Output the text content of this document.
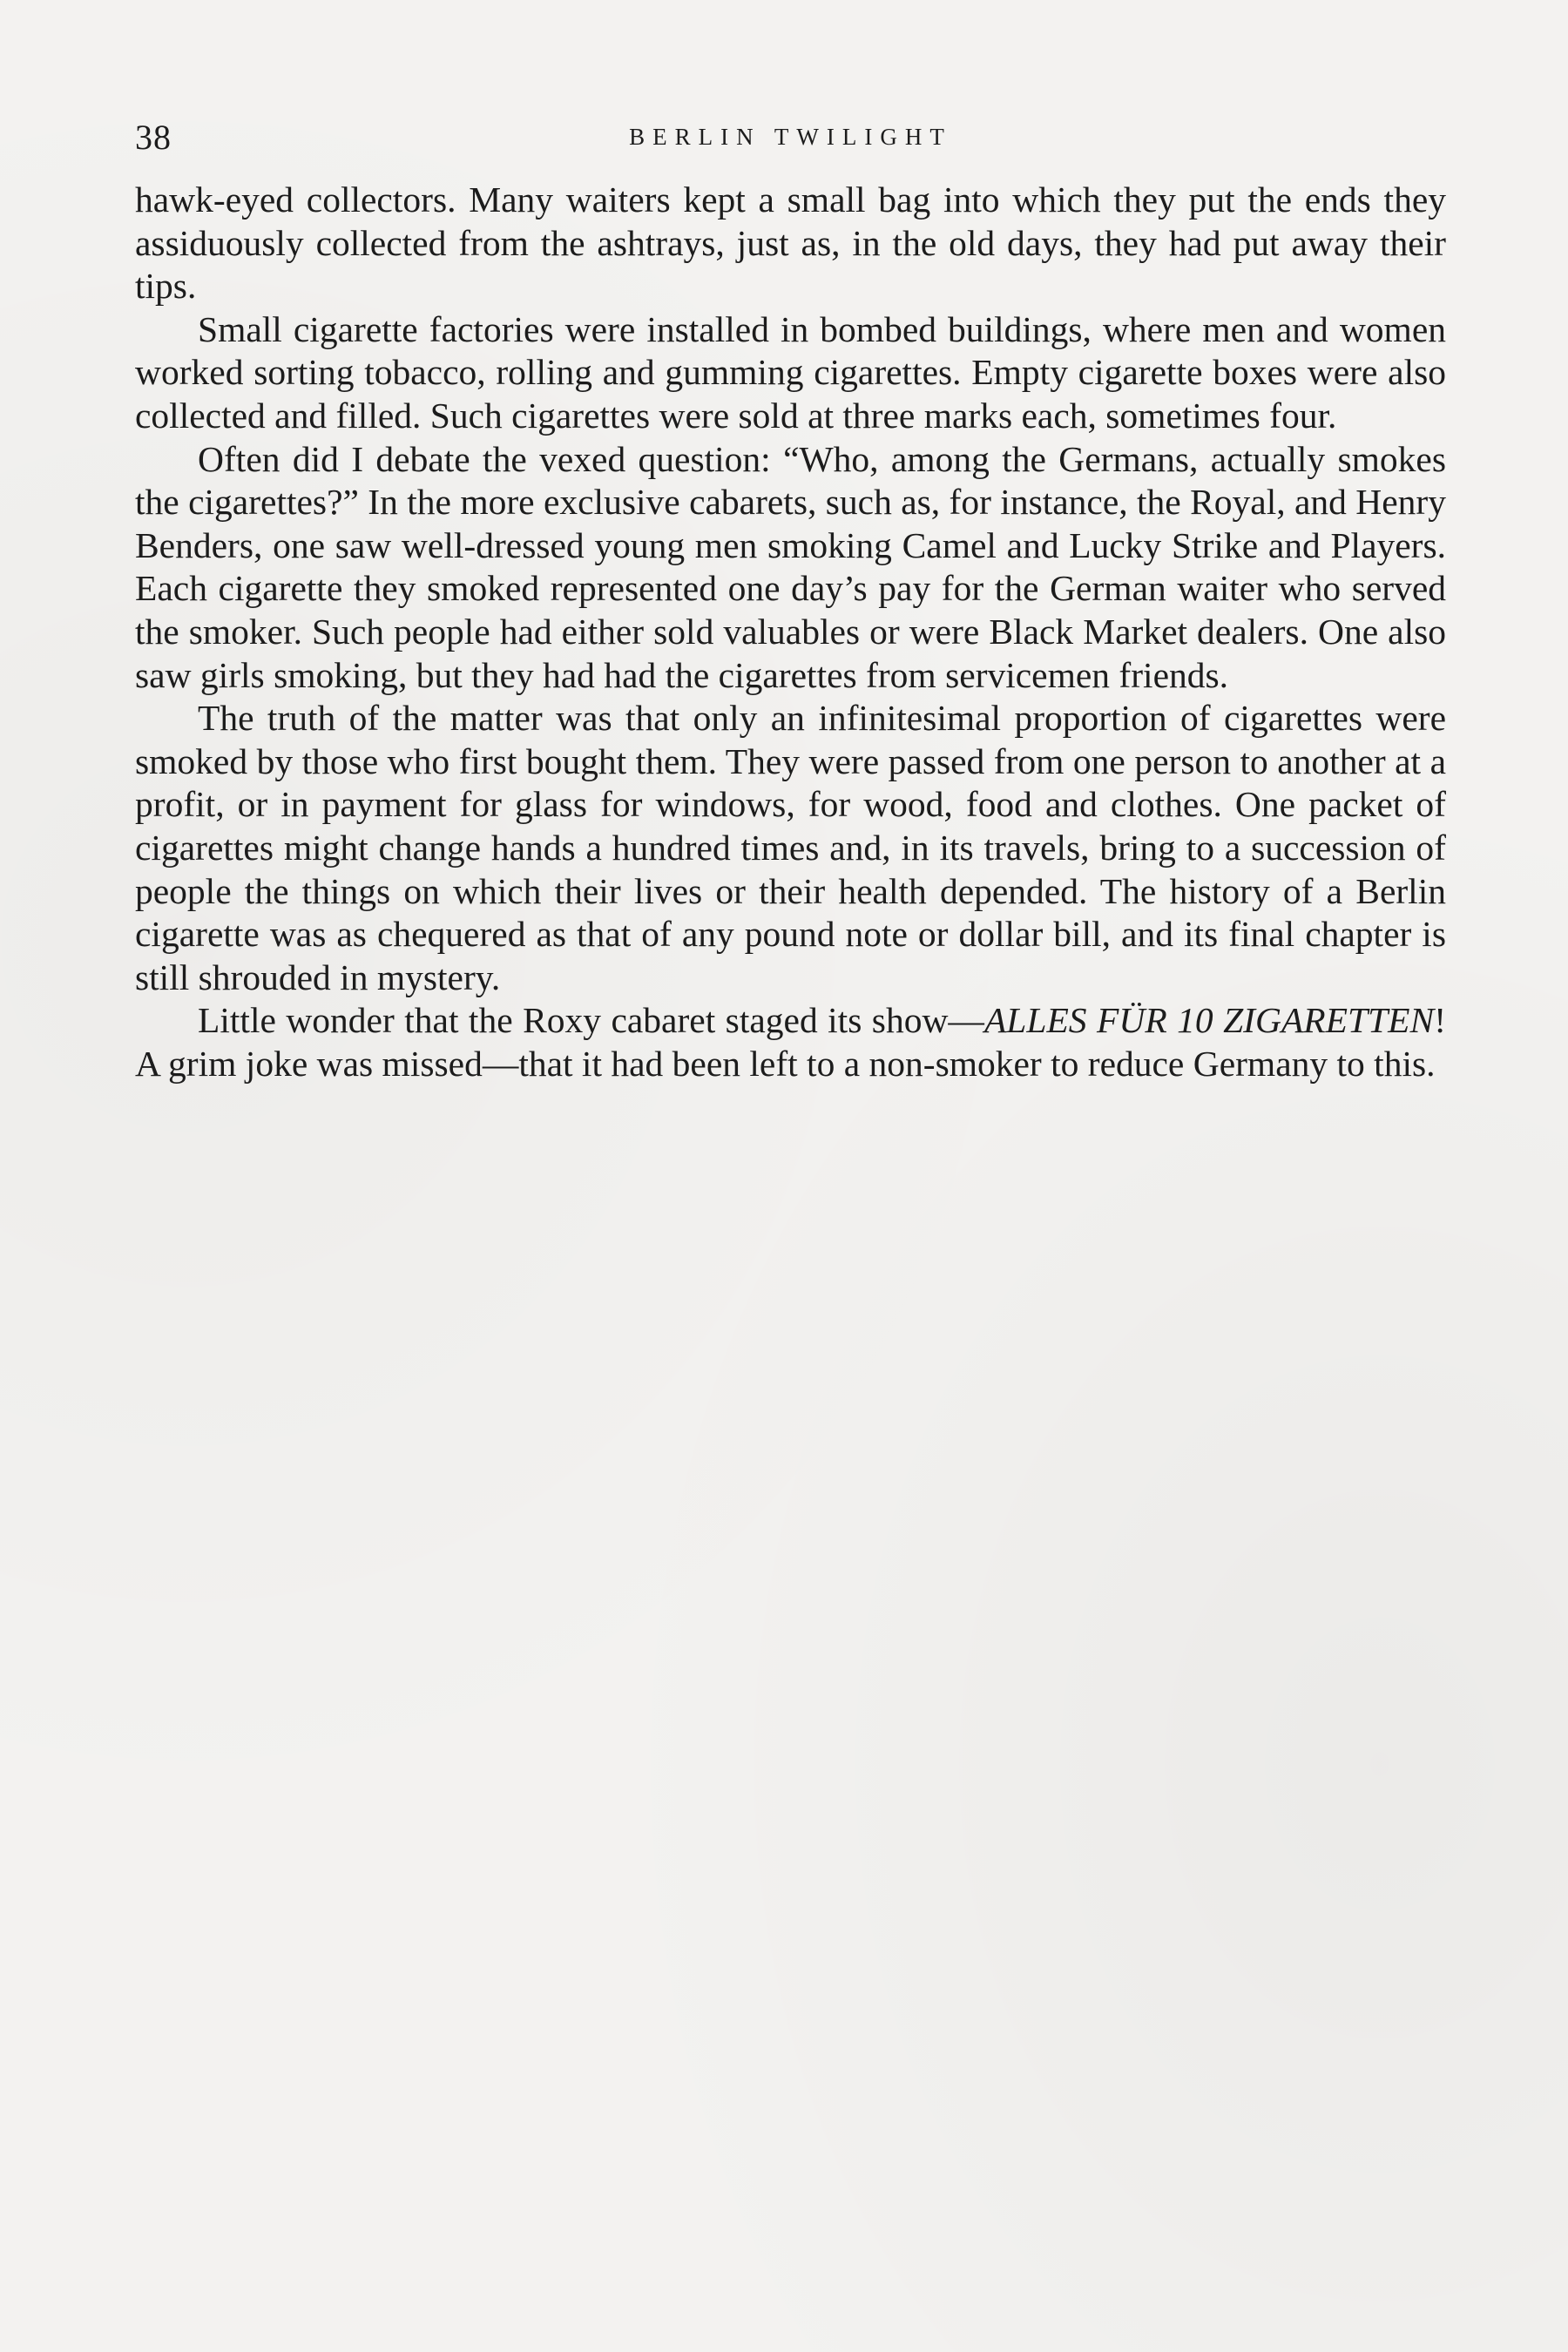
38	BERLIN TWILIGHT

hawk-eyed collectors. Many waiters kept a small bag into which they put the ends they assiduously collected from the ashtrays, just as, in the old days, they had put away their tips.

Small cigarette factories were installed in bombed buildings, where men and women worked sorting tobacco, rolling and gumming cigarettes. Empty cigarette boxes were also collected and filled. Such cigarettes were sold at three marks each, sometimes four.

Often did I debate the vexed question: “Who, among the Germans, actually smokes the cigarettes?” In the more exclusive cabarets, such as, for instance, the Royal, and Henry Benders, one saw well-dressed young men smoking Camel and Lucky Strike and Players. Each cigarette they smoked represented one day’s pay for the German waiter who served the smoker. Such people had either sold valuables or were Black Market dealers. One also saw girls smoking, but they had had the cigarettes from servicemen friends.

The truth of the matter was that only an infinitesimal proportion of cigarettes were smoked by those who first bought them. They were passed from one person to another at a profit, or in payment for glass for windows, for wood, food and clothes. One packet of cigarettes might change hands a hundred times and, in its travels, bring to a succession of people the things on which their lives or their health depended. The history of a Berlin cigarette was as chequered as that of any pound note or dollar bill, and its final chapter is still shrouded in mystery.

Little wonder that the Roxy cabaret staged its show—ALLES FÜR 10 ZIGARETTEN! A grim joke was missed—that it had been left to a non-smoker to reduce Germany to this.
